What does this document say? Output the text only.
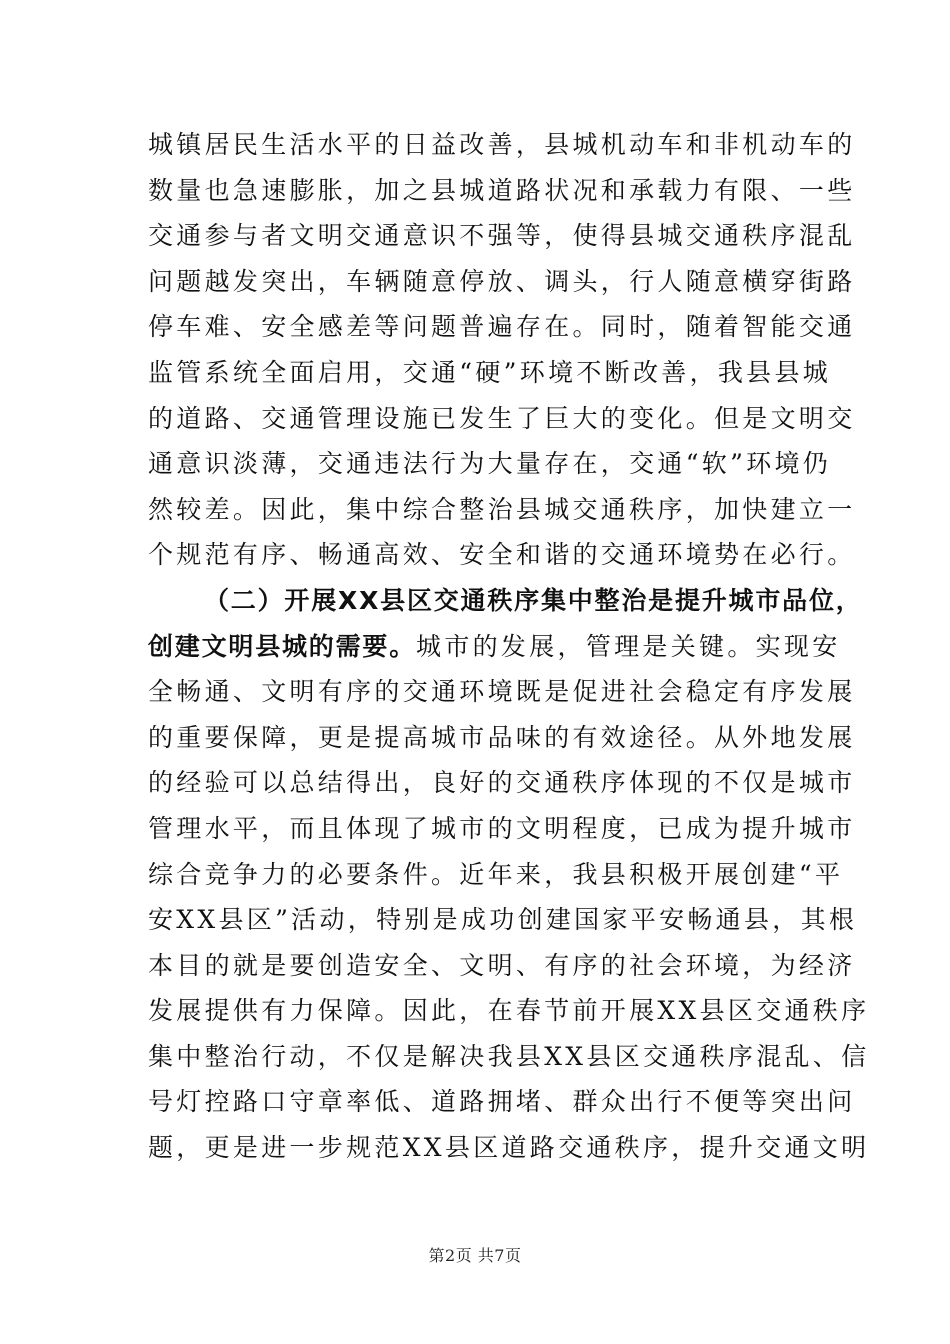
城镇居民生活水平的日益改善，县城机动车和非机动车的
数量也急速膨胀，加之县城道路状况和承载力有限、一些
交通参与者文明交通意识不强等，使得县城交通秩序混乱
问题越发突出，车辆随意停放、调头，行人随意横穿街路
停车难、安全感差等问题普遍存在。同时，随着智能交通
监管系统全面启用，交通“硬”环境不断改善，我县县城
的道路、交通管理设施已发生了巨大的变化。但是文明交
通意识淡薄，交通违法行为大量存在，交通“软”环境仍
然较差。因此，集中综合整治县城交通秩序，加快建立一
个规范有序、畅通高效、安全和谐的交通环境势在必行。
（二）开展XX县区交通秩序集中整治是提升城市品位，
创建文明县城的需要。城市的发展，管理是关键。实现安
全畅通、文明有序的交通环境既是促进社会稳定有序发展
的重要保障，更是提高城市品味的有效途径。从外地发展
的经验可以总结得出，良好的交通秩序体现的不仅是城市
管理水平，而且体现了城市的文明程度，已成为提升城市
综合竞争力的必要条件。近年来，我县积极开展创建“平
安XX县区”活动，特别是成功创建国家平安畅通县，其根
本目的就是要创造安全、文明、有序的社会环境，为经济
发展提供有力保障。因此，在春节前开展XX县区交通秩序
集中整治行动，不仅是解决我县XX县区交通秩序混乱、信
号灯控路口守章率低、道路拥堵、群众出行不便等突出问
题，更是进一步规范XX县区道路交通秩序，提升交通文明
第2页 共7页
